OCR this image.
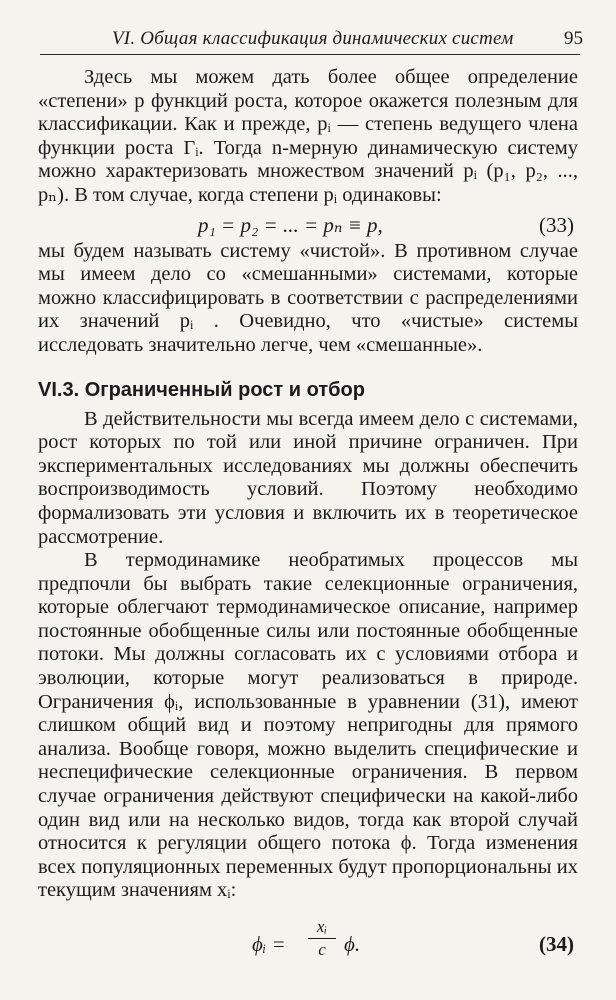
VI. Общая классификация динамических систем	95

Здесь мы можем дать более общее определение «степени» p функций роста, которое окажется полезным для классификации. Как и прежде, pᵢ — степень ведущего члена функции роста Γᵢ. Тогда n-мерную динамическую систему можно характеризовать множеством значений pᵢ (p₁, p₂, ..., pₙ). В том случае, когда степени pᵢ одинаковы:

p₁ = p₂ = ... = pₙ ≡ p,	(33)

мы будем называть систему «чистой». В противном случае мы имеем дело со «смешанными» системами, которые можно классифицировать в соответствии с распределениями их значений pᵢ . Очевидно, что «чистые» системы исследовать значительно легче, чем «смешанные».

VI.3. Ограниченный рост и отбор

В действительности мы всегда имеем дело с системами, рост которых по той или иной причине ограничен. При экспериментальных исследованиях мы должны обеспечить воспроизводимость условий. Поэтому необходимо формализовать эти условия и включить их в теоретическое рассмотрение.

В термодинамике необратимых процессов мы предпочли бы выбрать такие селекционные ограничения, которые облегчают термодинамическое описание, например постоянные обобщенные силы или постоянные обобщенные потоки. Мы должны согласовать их с условиями отбора и эволюции, которые могут реализоваться в природе. Ограничения ϕᵢ, использованные в уравнении (31), имеют слишком общий вид и поэтому непригодны для прямого анализа. Вообще говоря, можно выделить специфические и неспецифические селекционные ограничения. В первом случае ограничения действуют специфически на какой-либо один вид или на несколько видов, тогда как второй случай относится к регуляции общего потока ϕ. Тогда изменения всех популяционных переменных будут пропорциональны их текущим значениям xᵢ:

ϕᵢ =
xᵢ
c ϕ.	(34)
